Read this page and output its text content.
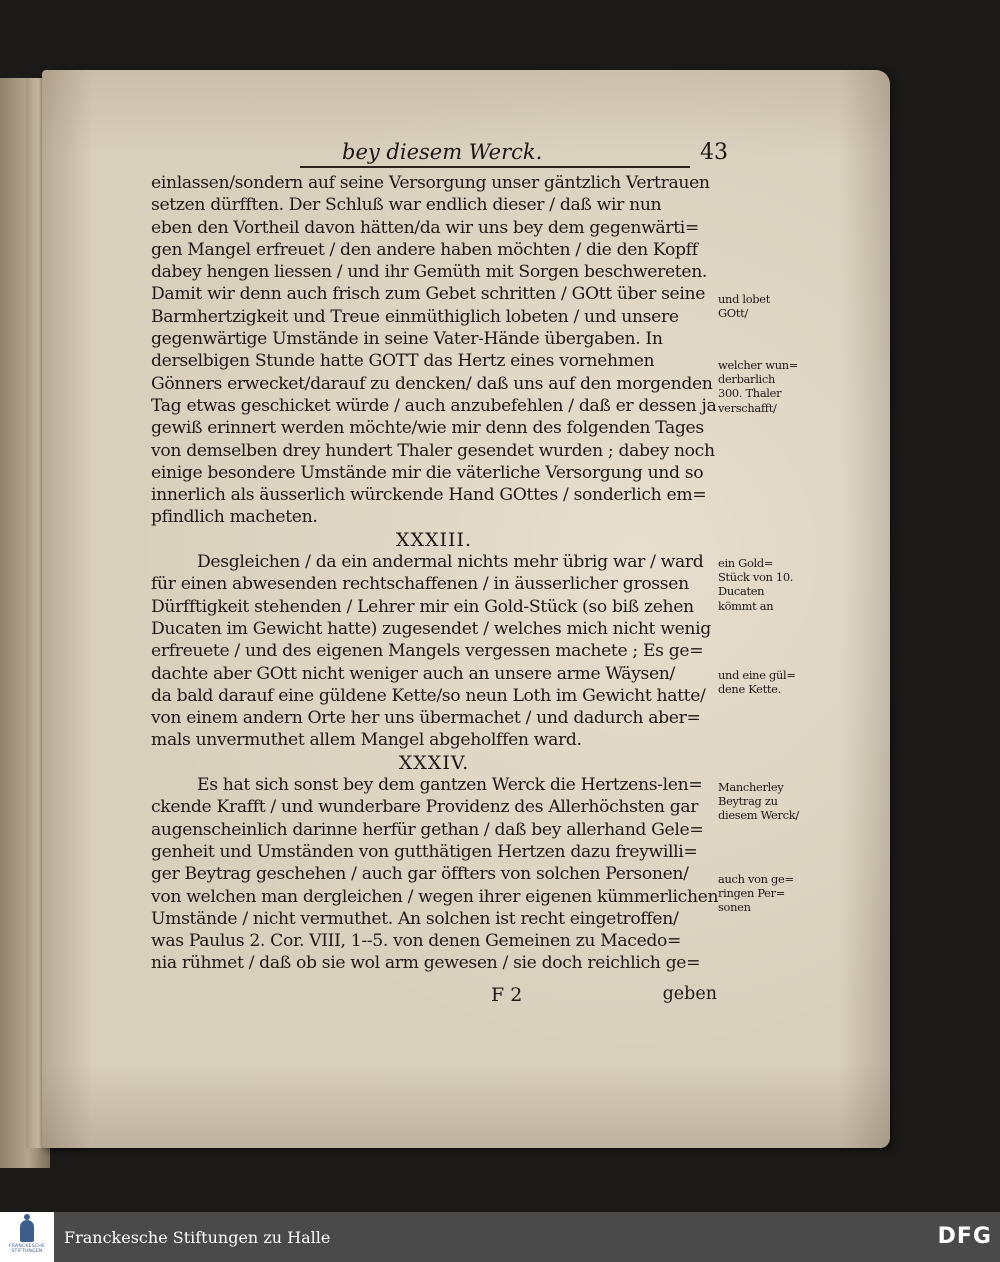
bey diesem Werck.	43
einlassen/sondern auf seine Versorgung unser gäntzlich Vertrauen
setzen dürfften. Der Schluß war endlich dieser / daß wir nun
eben den Vortheil davon hätten/da wir uns bey dem gegenwärti=
gen Mangel erfreuet / den andere haben möchten / die den Kopff
dabey hengen liessen / und ihr Gemüth mit Sorgen beschwereten.
Damit wir denn auch frisch zum Gebet schritten / GOtt über seine
Barmhertzigkeit und Treue einmüthiglich lobeten / und unsere
gegenwärtige Umstände in seine Vater-Hände übergaben. In
derselbigen Stunde hatte GOTT das Hertz eines vornehmen
Gönners erwecket/darauf zu dencken/ daß uns auf den morgenden
Tag etwas geschicket würde / auch anzubefehlen / daß er dessen ja
gewiß erinnert werden möchte/wie mir denn des folgenden Tages
von demselben drey hundert Thaler gesendet wurden ; dabey noch
einige besondere Umstände mir die väterliche Versorgung und so
innerlich als äusserlich würckende Hand GOttes / sonderlich em=
pfindlich macheten.
XXXIII.
Desgleichen / da ein andermal nichts mehr übrig war / ward
für einen abwesenden rechtschaffenen / in äusserlicher grossen
Dürfftigkeit stehenden / Lehrer mir ein Gold-Stück (so biß zehen
Ducaten im Gewicht hatte) zugesendet / welches mich nicht wenig
erfreuete / und des eigenen Mangels vergessen machete ; Es ge=
dachte aber GOtt nicht weniger auch an unsere arme Wäysen/
da bald darauf eine güldene Kette/so neun Loth im Gewicht hatte/
von einem andern Orte her uns übermachet / und dadurch aber=
mals unvermuthet allem Mangel abgeholffen ward.
XXXIV.
Es hat sich sonst bey dem gantzen Werck die Hertzens-len=
ckende Krafft / und wunderbare Providenz des Allerhöchsten gar
augenscheinlich darinne herfür gethan / daß bey allerhand Gele=
genheit und Umständen von gutthätigen Hertzen dazu freywilli=
ger Beytrag geschehen / auch gar öffters von solchen Personen/
von welchen man dergleichen / wegen ihrer eigenen kümmerlichen
Umstände / nicht vermuthet. An solchen ist recht eingetroffen/
was Paulus 2. Cor. VIII, 1--5. von denen Gemeinen zu Macedo=
nia rühmet / daß ob sie wol arm gewesen / sie doch reichlich ge=
und lobet
GOtt/
welcher wun=
derbarlich
300. Thaler
verschafft/
ein Gold=
Stück von 10.
Ducaten
kömmt an
und eine gül=
dene Kette.
Mancherley
Beytrag zu
diesem Werck/
auch von ge=
ringen Per=
sonen
F 2	geben
FRANCKESCHE
STIFTUNGEN
Franckesche Stiftungen zu Halle	DFG
